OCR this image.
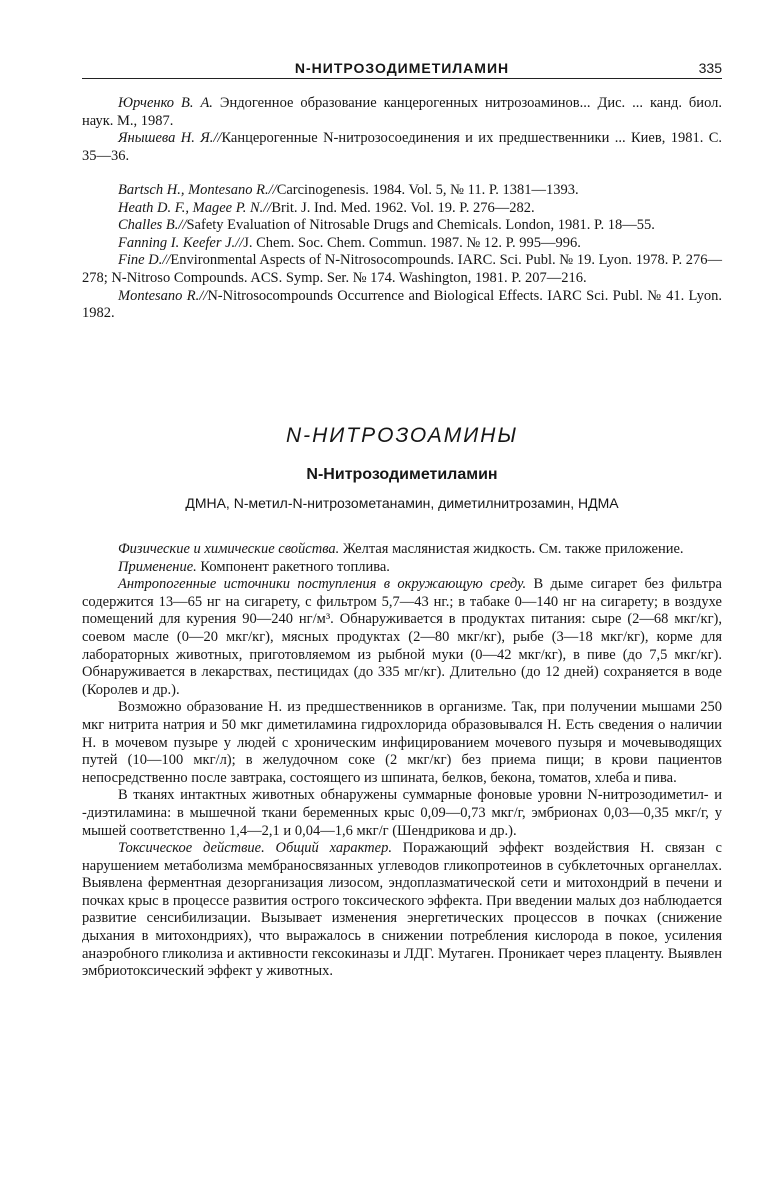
N-НИТРОЗОДИМЕТИЛАМИН	335

Юрченко В. А. Эндогенное образование канцерогенных нитрозоаминов... Дис. ... канд. биол. наук. М., 1987.

Янышева Н. Я.//Канцерогенные N-нитрозосоединения и их предшественники ... Киев, 1981. С. 35—36.

Bartsch H., Montesano R.//Carcinogenesis. 1984. Vol. 5, № 11. P. 1381—1393.

Heath D. F., Magee P. N.//Brit. J. Ind. Med. 1962. Vol. 19. P. 276—282.

Challes B.//Safety Evaluation of Nitrosable Drugs and Chemicals. London, 1981. P. 18—55.

Fanning I. Keefer J.//J. Chem. Soc. Chem. Commun. 1987. № 12. P. 995—996.

Fine D.//Environmental Aspects of N-Nitrosocompounds. IARC. Sci. Publ. № 19. Lyon. 1978. P. 276—278; N-Nitroso Compounds. ACS. Symp. Ser. № 174. Washington, 1981. P. 207—216.

Montesano R.//N-Nitrosocompounds Occurrence and Biological Effects. IARC Sci. Publ. № 41. Lyon. 1982.

N-НИТРОЗОАМИНЫ
N-Нитрозодиметиламин
ДМНА, N-метил-N-нитрозометанамин, диметилнитрозамин, НДМА

Физические и химические свойства. Желтая маслянистая жидкость. См. также приложение.

Применение. Компонент ракетного топлива.

Антропогенные источники поступления в окружающую среду. В дыме сигарет без фильтра содержится 13—65 нг на сигарету, с фильтром 5,7—43 нг.; в табаке 0—140 нг на сигарету; в воздухе помещений для курения 90—240 нг/м³. Обнаруживается в продуктах питания: сыре (2—68 мкг/кг), соевом масле (0—20 мкг/кг), мясных продуктах (2—80 мкг/кг), рыбе (3—18 мкг/кг), корме для лабораторных животных, приготовляемом из рыбной муки (0—42 мкг/кг), в пиве (до 7,5 мкг/кг). Обнаруживается в лекарствах, пестицидах (до 335 мг/кг). Длительно (до 12 дней) сохраняется в воде (Королев и др.).

Возможно образование Н. из предшественников в организме. Так, при получении мышами 250 мкг нитрита натрия и 50 мкг диметиламина гидрохлорида образовывался Н. Есть сведения о наличии Н. в мочевом пузыре у людей с хроническим инфицированием мочевого пузыря и мочевыводящих путей (10—100 мкг/л); в желудочном соке (2 мкг/кг) без приема пищи; в крови пациентов непосредственно после завтрака, состоящего из шпината, белков, бекона, томатов, хлеба и пива.

В тканях интактных животных обнаружены суммарные фоновые уровни N-нитрозодиметил- и -диэтиламина: в мышечной ткани беременных крыс 0,09—0,73 мкг/г, эмбрионах 0,03—0,35 мкг/г, у мышей соответственно 1,4—2,1 и 0,04—1,6 мкг/г (Шендрикова и др.).

Токсическое действие. Общий характер. Поражающий эффект воздействия Н. связан с нарушением метаболизма мембраносвязанных углеводов гликопротеинов в субклеточных органеллах. Выявлена ферментная дезорганизация лизосом, эндоплазматической сети и митохондрий в печени и почках крыс в процессе развития острого токсического эффекта. При введении малых доз наблюдается развитие сенсибилизации. Вызывает изменения энергетических процессов в почках (снижение дыхания в митохондриях), что выражалось в снижении потребления кислорода в покое, усиления анаэробного гликолиза и активности гексокиназы и ЛДГ. Мутаген. Проникает через плаценту. Выявлен эмбриотоксический эффект у животных.
